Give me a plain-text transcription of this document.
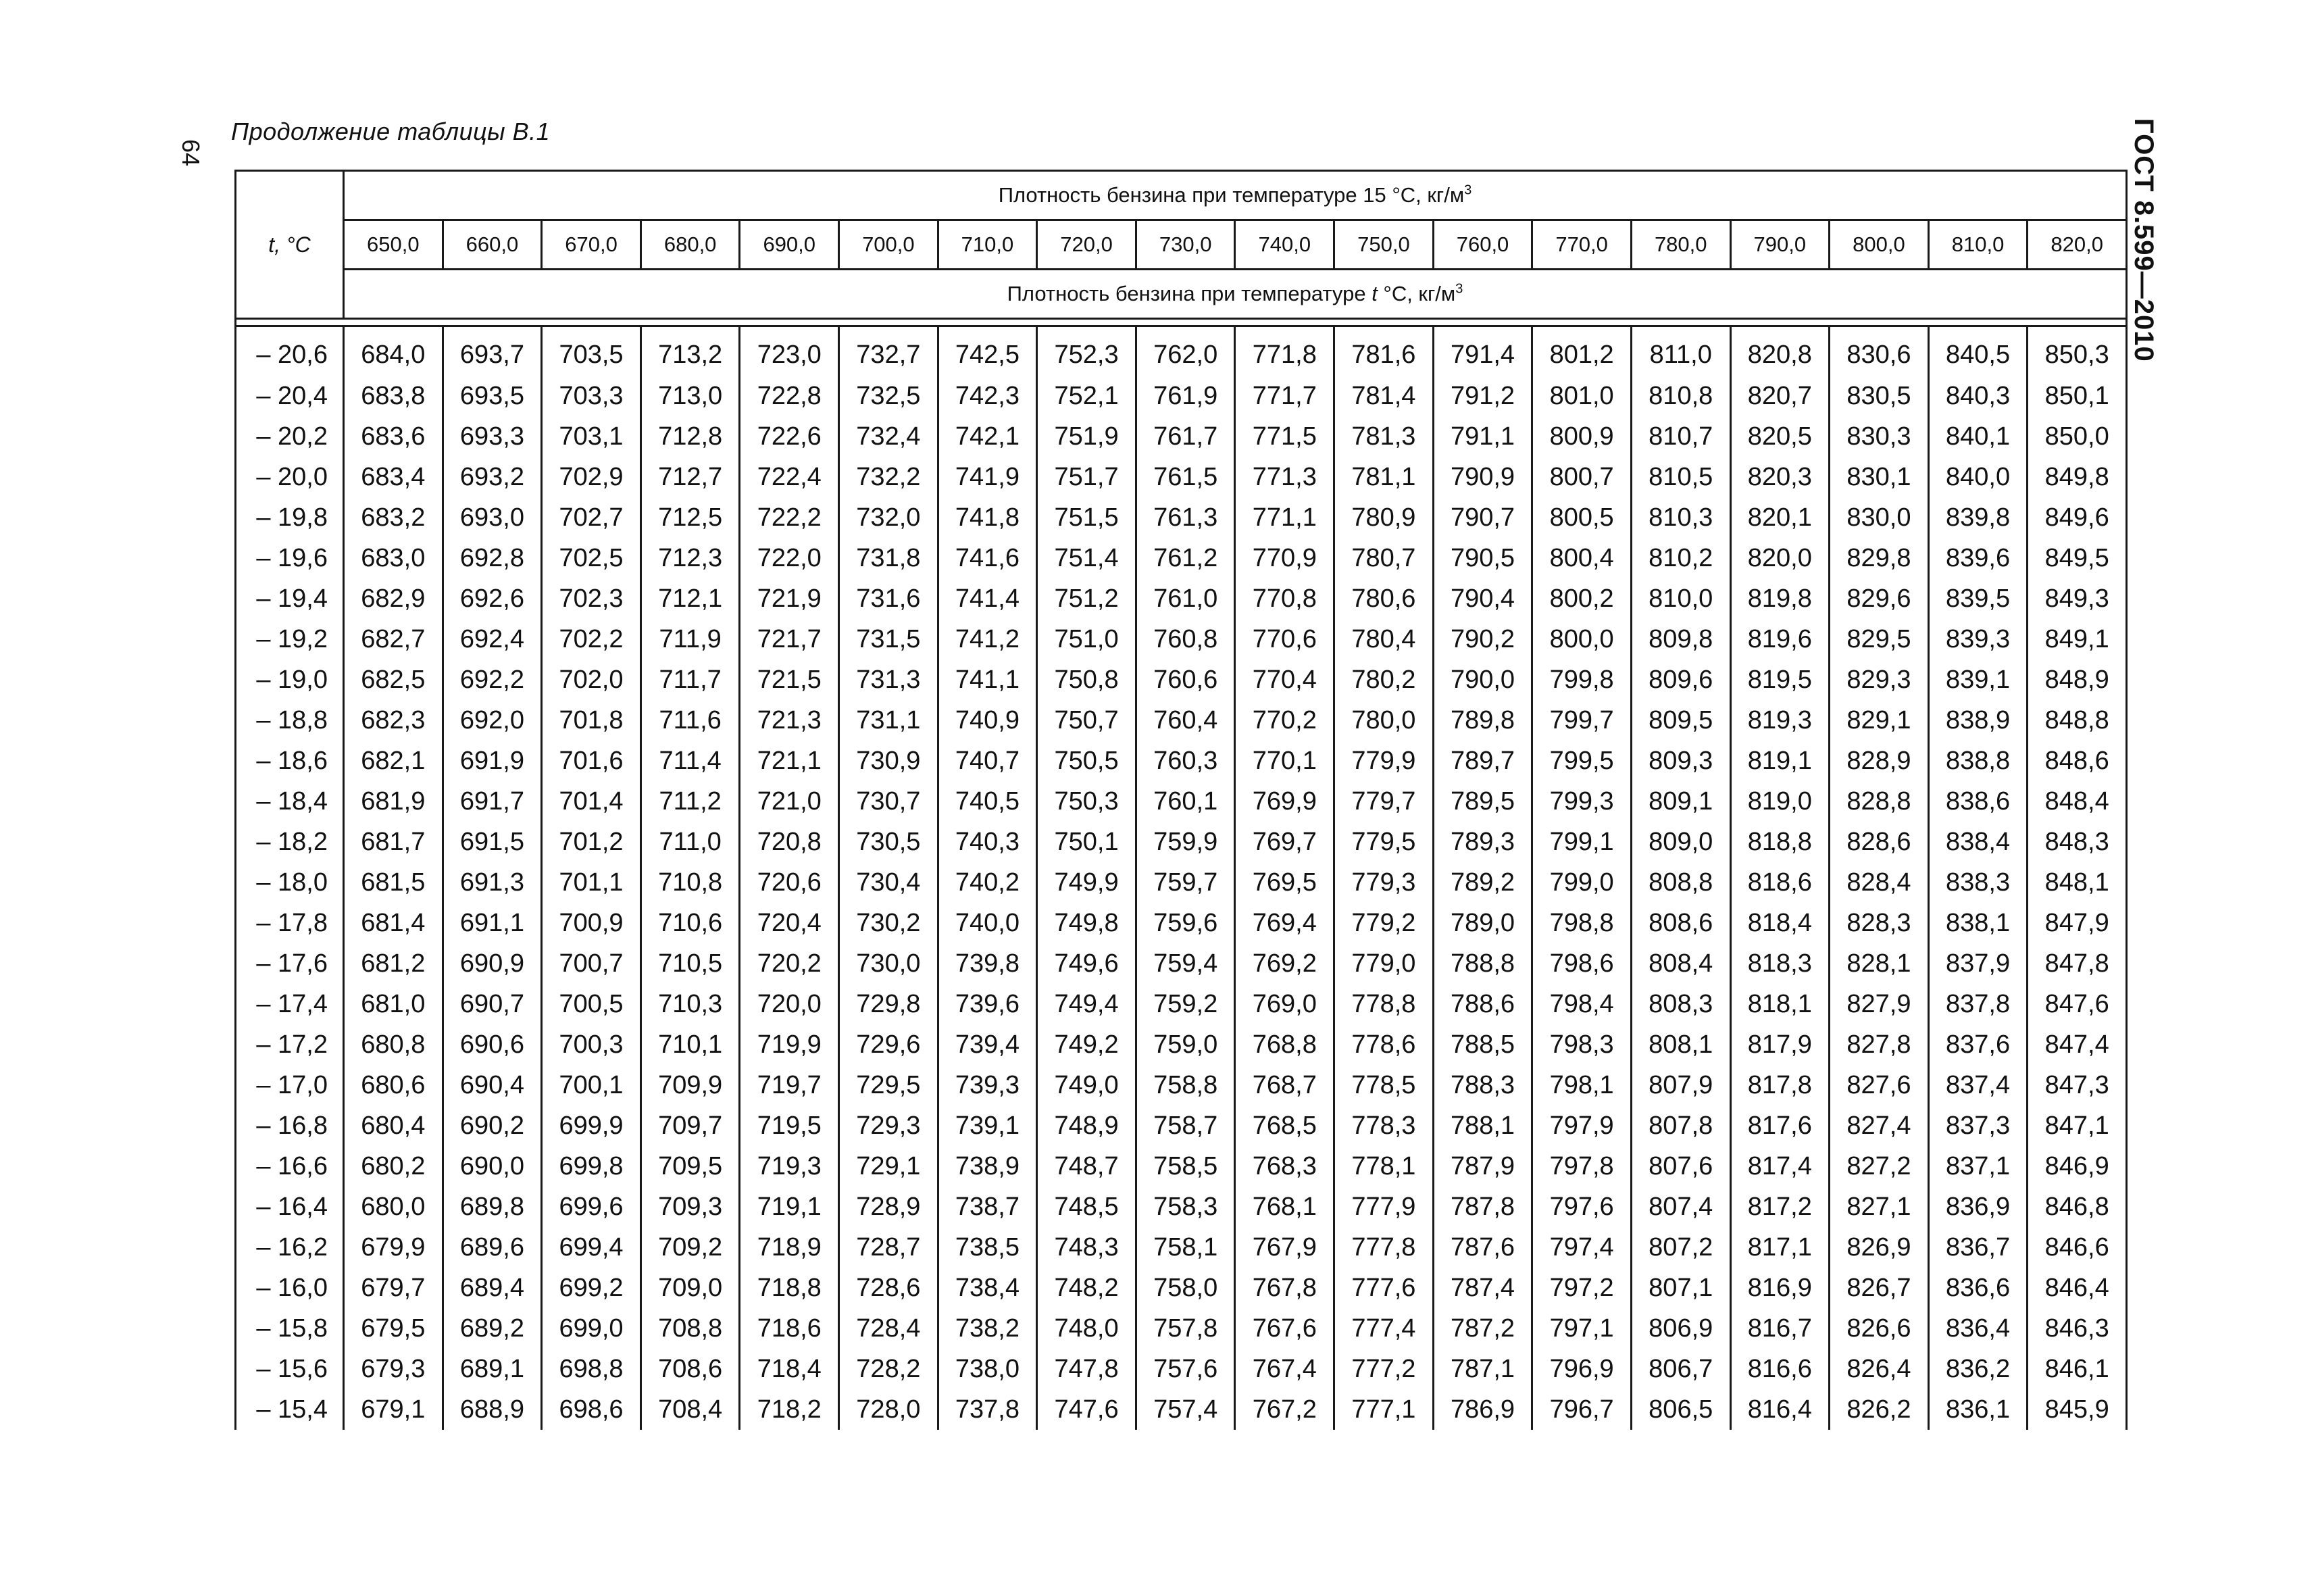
64
Продолжение таблицы В.1	ГОСТ 8.599—2010
t, °C	Плотность бензина при температуре 15 °С, $кг/м^3$
	650,0	660,0	670,0	680,0	690,0	700,0	710,0	720,0	730,0	740,0	750,0	760,0	770,0	780,0	790,0	800,0	810,0	820,0
	Плотность бензина при температуре t °С, $кг/м^3$

– 20,6	684,0	693,7	703,5	713,2	723,0	732,7	742,5	752,3	762,0	771,8	781,6	791,4	801,2	811,0	820,8	830,6	840,5	850,3
– 20,4	683,8	693,5	703,3	713,0	722,8	732,5	742,3	752,1	761,9	771,7	781,4	791,2	801,0	810,8	820,7	830,5	840,3	850,1
– 20,2	683,6	693,3	703,1	712,8	722,6	732,4	742,1	751,9	761,7	771,5	781,3	791,1	800,9	810,7	820,5	830,3	840,1	850,0
– 20,0	683,4	693,2	702,9	712,7	722,4	732,2	741,9	751,7	761,5	771,3	781,1	790,9	800,7	810,5	820,3	830,1	840,0	849,8
– 19,8	683,2	693,0	702,7	712,5	722,2	732,0	741,8	751,5	761,3	771,1	780,9	790,7	800,5	810,3	820,1	830,0	839,8	849,6
– 19,6	683,0	692,8	702,5	712,3	722,0	731,8	741,6	751,4	761,2	770,9	780,7	790,5	800,4	810,2	820,0	829,8	839,6	849,5
– 19,4	682,9	692,6	702,3	712,1	721,9	731,6	741,4	751,2	761,0	770,8	780,6	790,4	800,2	810,0	819,8	829,6	839,5	849,3
– 19,2	682,7	692,4	702,2	711,9	721,7	731,5	741,2	751,0	760,8	770,6	780,4	790,2	800,0	809,8	819,6	829,5	839,3	849,1
– 19,0	682,5	692,2	702,0	711,7	721,5	731,3	741,1	750,8	760,6	770,4	780,2	790,0	799,8	809,6	819,5	829,3	839,1	848,9
– 18,8	682,3	692,0	701,8	711,6	721,3	731,1	740,9	750,7	760,4	770,2	780,0	789,8	799,7	809,5	819,3	829,1	838,9	848,8
– 18,6	682,1	691,9	701,6	711,4	721,1	730,9	740,7	750,5	760,3	770,1	779,9	789,7	799,5	809,3	819,1	828,9	838,8	848,6
– 18,4	681,9	691,7	701,4	711,2	721,0	730,7	740,5	750,3	760,1	769,9	779,7	789,5	799,3	809,1	819,0	828,8	838,6	848,4
– 18,2	681,7	691,5	701,2	711,0	720,8	730,5	740,3	750,1	759,9	769,7	779,5	789,3	799,1	809,0	818,8	828,6	838,4	848,3
– 18,0	681,5	691,3	701,1	710,8	720,6	730,4	740,2	749,9	759,7	769,5	779,3	789,2	799,0	808,8	818,6	828,4	838,3	848,1
– 17,8	681,4	691,1	700,9	710,6	720,4	730,2	740,0	749,8	759,6	769,4	779,2	789,0	798,8	808,6	818,4	828,3	838,1	847,9
– 17,6	681,2	690,9	700,7	710,5	720,2	730,0	739,8	749,6	759,4	769,2	779,0	788,8	798,6	808,4	818,3	828,1	837,9	847,8
– 17,4	681,0	690,7	700,5	710,3	720,0	729,8	739,6	749,4	759,2	769,0	778,8	788,6	798,4	808,3	818,1	827,9	837,8	847,6
– 17,2	680,8	690,6	700,3	710,1	719,9	729,6	739,4	749,2	759,0	768,8	778,6	788,5	798,3	808,1	817,9	827,8	837,6	847,4
– 17,0	680,6	690,4	700,1	709,9	719,7	729,5	739,3	749,0	758,8	768,7	778,5	788,3	798,1	807,9	817,8	827,6	837,4	847,3
– 16,8	680,4	690,2	699,9	709,7	719,5	729,3	739,1	748,9	758,7	768,5	778,3	788,1	797,9	807,8	817,6	827,4	837,3	847,1
– 16,6	680,2	690,0	699,8	709,5	719,3	729,1	738,9	748,7	758,5	768,3	778,1	787,9	797,8	807,6	817,4	827,2	837,1	846,9
– 16,4	680,0	689,8	699,6	709,3	719,1	728,9	738,7	748,5	758,3	768,1	777,9	787,8	797,6	807,4	817,2	827,1	836,9	846,8
– 16,2	679,9	689,6	699,4	709,2	718,9	728,7	738,5	748,3	758,1	767,9	777,8	787,6	797,4	807,2	817,1	826,9	836,7	846,6
– 16,0	679,7	689,4	699,2	709,0	718,8	728,6	738,4	748,2	758,0	767,8	777,6	787,4	797,2	807,1	816,9	826,7	836,6	846,4
– 15,8	679,5	689,2	699,0	708,8	718,6	728,4	738,2	748,0	757,8	767,6	777,4	787,2	797,1	806,9	816,7	826,6	836,4	846,3
– 15,6	679,3	689,1	698,8	708,6	718,4	728,2	738,0	747,8	757,6	767,4	777,2	787,1	796,9	806,7	816,6	826,4	836,2	846,1
– 15,4	679,1	688,9	698,6	708,4	718,2	728,0	737,8	747,6	757,4	767,2	777,1	786,9	796,7	806,5	816,4	826,2	836,1	845,9
